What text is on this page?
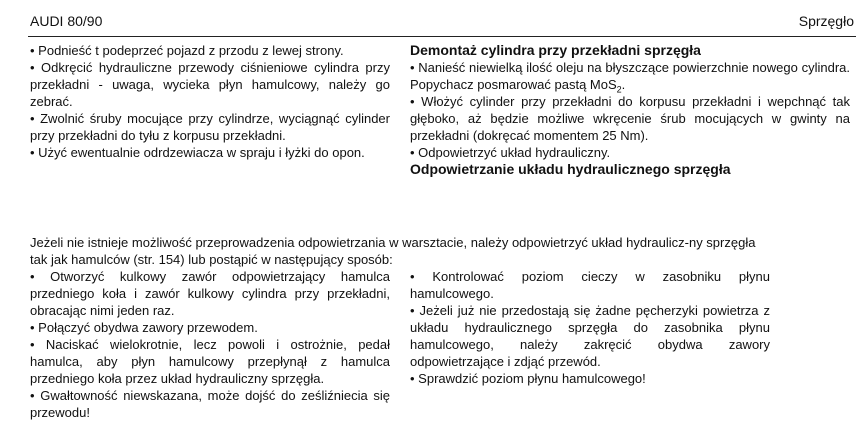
AUDI 80/90	Sprzęgło

• Podnieść t podeprzeć pojazd z przodu z lewej strony.

• Odkręcić hydrauliczne przewody ciśnieniowe cylindra przy przekładni - uwaga, wycieka płyn hamulcowy, należy go zebrać.

• Zwolnić śruby mocujące przy cylindrze, wyciągnąć cylinder przy przekładni do tyłu z korpusu przekładni.

• Użyć ewentualnie odrdzewiacza w spraju i łyżki do opon.

Demontaż cylindra przy przekładni sprzęgła

• Nanieść niewielką ilość oleju na błyszczące powierzchnie nowego cylindra. Popychacz posmarować pastą MoS$_2$.

• Włożyć cylinder przy przekładni do korpusu przekładni i wepchnąć tak głęboko, aż będzie możliwe wkręcenie śrub mocujących w gwinty na przekładni (dokręcać momentem 25 Nm).

• Odpowietrzyć układ hydrauliczny.

Odpowietrzanie układu hydraulicznego sprzęgła

Jeżeli nie istnieje możliwość przeprowadzenia odpowietrzania w warsztacie, należy odpowietrzyć układ hydraulicz-ny sprzęgła tak jak hamulców (str. 154) lub postąpić w następujący sposób:

• Otworzyć kulkowy zawór odpowietrzający hamulca przedniego koła i zawór kulkowy cylindra przy przekładni, obracając nimi jeden raz.

• Połączyć obydwa zawory przewodem.

• Naciskać wielokrotnie, lecz powoli i ostrożnie, pedał hamulca, aby płyn hamulcowy przepłynął z hamulca przedniego koła przez układ hydrauliczny sprzęgła.

• Gwałtowność niewskazana, może dojść do ześliźniecia się przewodu!

• Kontrolować poziom cieczy w zasobniku płynu hamulcowego.

• Jeżeli już nie przedostają się żadne pęcherzyki powietrza z układu hydraulicznego sprzęgła do zasobnika płynu hamulcowego, należy zakręcić obydwa zawory odpowietrzające i zdjąć przewód.

• Sprawdzić poziom płynu hamulcowego!
